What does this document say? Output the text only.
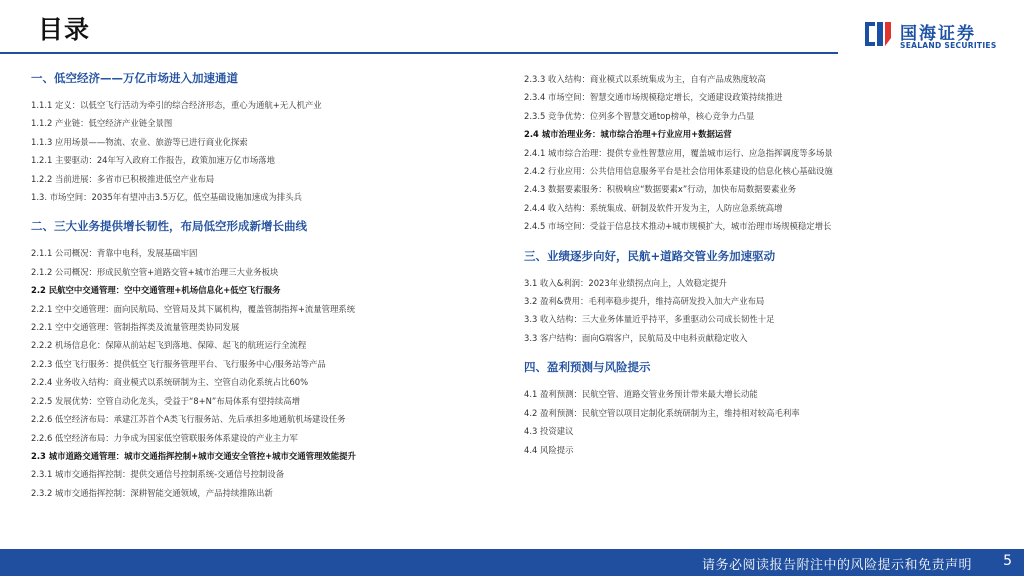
目录	国海证券
SEALAND SECURITIES
一、低空经济——万亿市场进入加速通道
1.1.1 定义：以低空飞行活动为牵引的综合经济形态，重心为通航+无人机产业
1.1.2 产业链：低空经济产业链全景图
1.1.3 应用场景——物流、农业、旅游等已进行商业化探索
1.2.1 主要驱动：24年写入政府工作报告，政策加速万亿市场落地
1.2.2 当前进展：多省市已积极推进低空产业布局
1.3. 市场空间：2035年有望冲击3.5万亿，低空基础设施加速成为排头兵
二、三大业务提供增长韧性，布局低空形成新增长曲线
2.1.1 公司概况：背靠中电科，发展基础牢固
2.1.2 公司概况：形成民航空管+道路交管+城市治理三大业务板块
2.2 民航空中交通管理：空中交通管理+机场信息化+低空飞行服务
2.2.1 空中交通管理：面向民航局、空管局及其下属机构，覆盖管制指挥+流量管理系统
2.2.1 空中交通管理：管制指挥类及流量管理类协同发展
2.2.2 机场信息化：保障从前站起飞到落地、保障、起飞的航班运行全流程
2.2.3 低空飞行服务：提供低空飞行服务管理平台、飞行服务中心/服务站等产品
2.2.4 业务收入结构：商业模式以系统研制为主、空管自动化系统占比60%
2.2.5 发展优势：空管自动化龙头，受益于“8+N”布局体系有望持续高增
2.2.6 低空经济布局：承建江苏首个A类飞行服务站、先后承担多地通航机场建设任务
2.2.6 低空经济布局：力争成为国家低空管联服务体系建设的产业主力军
2.3 城市道路交通管理：城市交通指挥控制+城市交通安全管控+城市交通管理效能提升
2.3.1 城市交通指挥控制：提供交通信号控制系统-交通信号控制设备
2.3.2 城市交通指挥控制：深耕智能交通领域，产品持续推陈出新
2.3.3 收入结构：商业模式以系统集成为主，自有产品成熟度较高
2.3.4 市场空间：智慧交通市场规模稳定增长，交通建设政策持续推进
2.3.5 竞争优势：位列多个智慧交通top榜单，核心竞争力凸显
2.4 城市治理业务：城市综合治理+行业应用+数据运营
2.4.1 城市综合治理：提供专业性智慧应用，覆盖城市运行、应急指挥调度等多场景
2.4.2 行业应用：公共信用信息服务平台是社会信用体系建设的信息化核心基础设施
2.4.3 数据要素服务：积极响应“数据要素x”行动，加快布局数据要素业务
2.4.4 收入结构：系统集成、研制及软件开发为主，人防应急系统高增
2.4.5 市场空间：受益于信息技术推动+城市规模扩大，城市治理市场规模稳定增长
三、业绩逐步向好，民航+道路交管业务加速驱动
3.1 收入&利润：2023年业绩拐点向上，人效稳定提升
3.2 盈利&费用：毛利率稳步提升，维持高研发投入加大产业布局
3.3 收入结构：三大业务体量近乎持平，多重驱动公司成长韧性十足
3.3 客户结构：面向G端客户，民航局及中电科贡献稳定收入
四、盈利预测与风险提示
4.1 盈利预测：民航空管、道路交管业务预计带来最大增长动能
4.2 盈利预测：民航空管以项目定制化系统研制为主，维持相对较高毛利率
4.3 投资建议
4.4 风险提示
请务必阅读报告附注中的风险提示和免责声明 5
